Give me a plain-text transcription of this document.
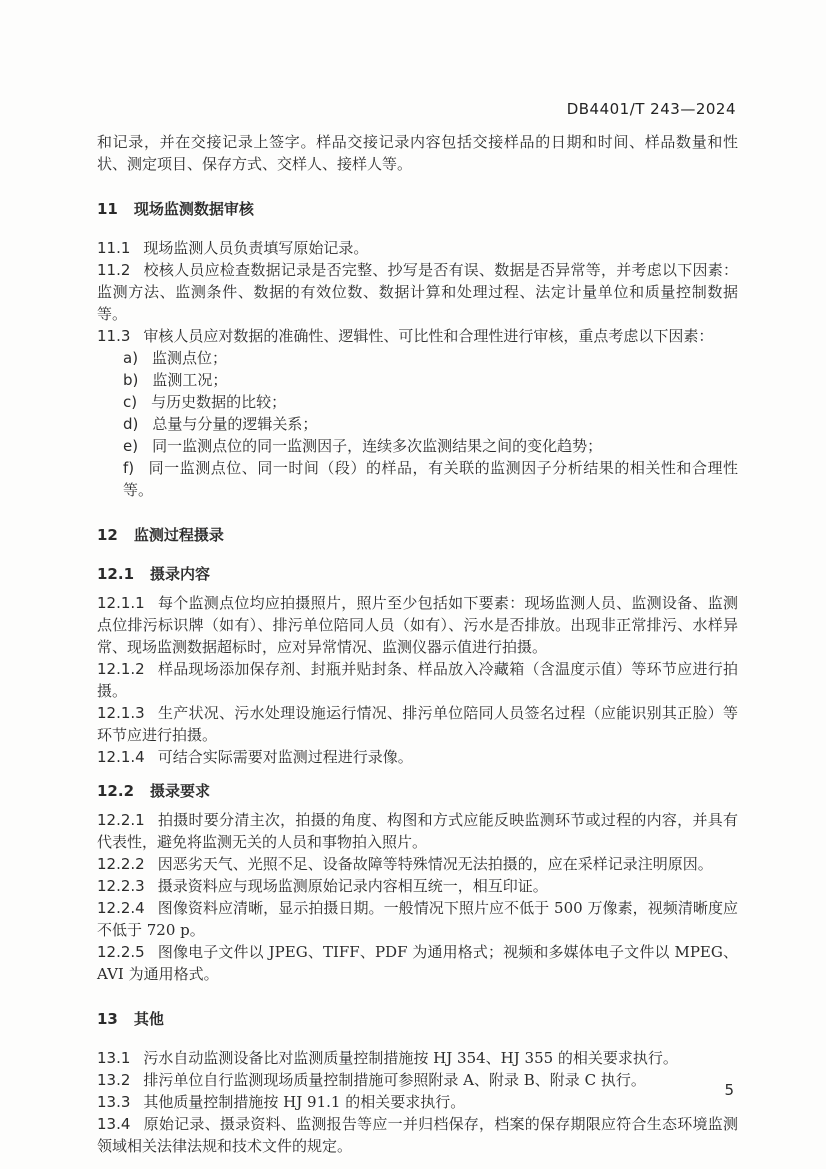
DB4401/T 243—2024

和记录，并在交接记录上签字。样品交接记录内容包括交接样品的日期和时间、样品数量和性状、测定项目、保存方式、交样人、接样人等。

11 现场监测数据审核

11.1 现场监测人员负责填写原始记录。

11.2 校核人员应检查数据记录是否完整、抄写是否有误、数据是否异常等，并考虑以下因素：监测方法、监测条件、数据的有效位数、数据计算和处理过程、法定计量单位和质量控制数据等。

11.3 审核人员应对数据的准确性、逻辑性、可比性和合理性进行审核，重点考虑以下因素：

a) 监测点位；

b) 监测工况；

c) 与历史数据的比较；

d) 总量与分量的逻辑关系；

e) 同一监测点位的同一监测因子，连续多次监测结果之间的变化趋势；

f) 同一监测点位、同一时间（段）的样品，有关联的监测因子分析结果的相关性和合理性等。

12 监测过程摄录
12.1 摄录内容

12.1.1 每个监测点位均应拍摄照片，照片至少包括如下要素：现场监测人员、监测设备、监测点位排污标识牌（如有）、排污单位陪同人员（如有）、污水是否排放。出现非正常排污、水样异常、现场监测数据超标时，应对异常情况、监测仪器示值进行拍摄。

12.1.2 样品现场添加保存剂、封瓶并贴封条、样品放入冷藏箱（含温度示值）等环节应进行拍摄。

12.1.3 生产状况、污水处理设施运行情况、排污单位陪同人员签名过程（应能识别其正脸）等环节应进行拍摄。

12.1.4 可结合实际需要对监测过程进行录像。

12.2 摄录要求

12.2.1 拍摄时要分清主次，拍摄的角度、构图和方式应能反映监测环节或过程的内容，并具有代表性，避免将监测无关的人员和事物拍入照片。

12.2.2 因恶劣天气、光照不足、设备故障等特殊情况无法拍摄的，应在采样记录注明原因。

12.2.3 摄录资料应与现场监测原始记录内容相互统一，相互印证。

12.2.4 图像资料应清晰，显示拍摄日期。一般情况下照片应不低于 500 万像素，视频清晰度应不低于 720 p。

12.2.5 图像电子文件以 JPEG、TIFF、PDF 为通用格式；视频和多媒体电子文件以 MPEG、AVI 为通用格式。

13 其他

13.1 污水自动监测设备比对监测质量控制措施按 HJ 354、HJ 355 的相关要求执行。

13.2 排污单位自行监测现场质量控制措施可参照附录 A、附录 B、附录 C 执行。

13.3 其他质量控制措施按 HJ 91.1 的相关要求执行。

13.4 原始记录、摄录资料、监测报告等应一并归档保存，档案的保存期限应符合生态环境监测领域相关法律法规和技术文件的规定。

5
